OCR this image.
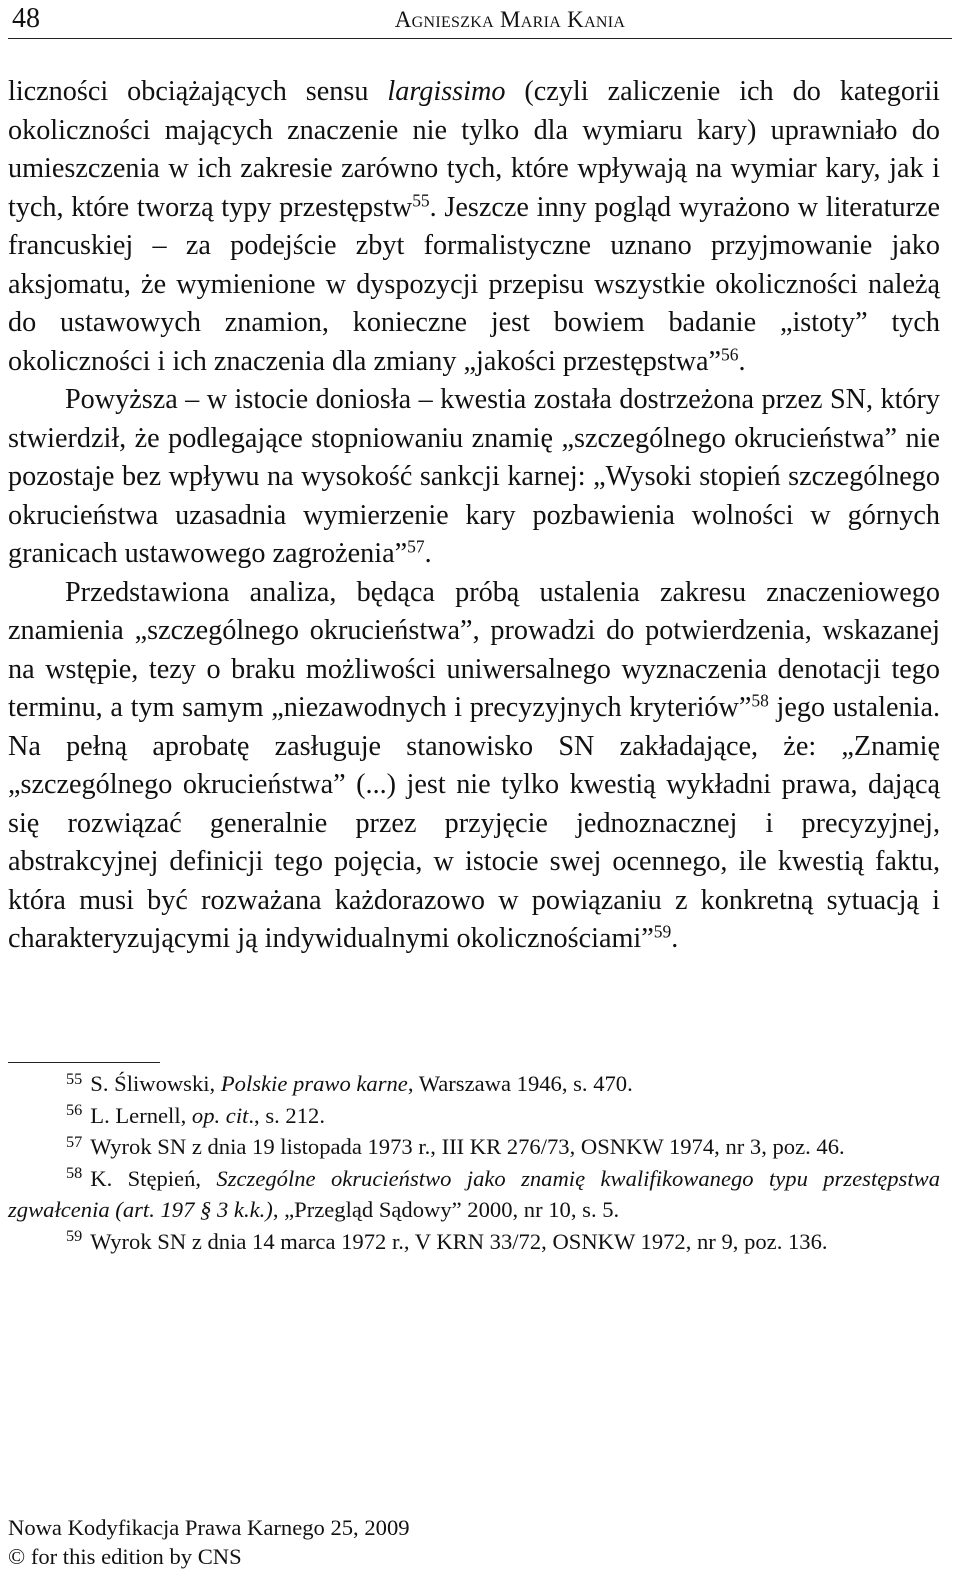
48	Agnieszka Maria Kania

liczności obciążających sensu largissimo (czyli zaliczenie ich do kategorii okoliczności mających znaczenie nie tylko dla wymiaru kary) uprawniało do umieszczenia w ich zakresie zarówno tych, które wpływają na wymiar kary, jak i tych, które tworzą typy przestępstw$^{55}$. Jeszcze inny pogląd wyrażono w literaturze francuskiej – za podejście zbyt formalistyczne uznano przyjmowanie jako aksjomatu, że wymienione w dyspozycji przepisu wszystkie okoliczności należą do ustawowych znamion, konieczne jest bowiem badanie „istoty” tych okoliczności i ich znaczenia dla zmiany „jakości przestępstwa”$^{56}$.

Powyższa – w istocie doniosła – kwestia została dostrzeżona przez SN, który stwierdził, że podlegające stopniowaniu znamię „szczególnego okrucieństwa” nie pozostaje bez wpływu na wysokość sankcji karnej: „Wysoki stopień szczególnego okrucieństwa uzasadnia wymierzenie kary pozbawienia wolności w górnych granicach ustawowego zagrożenia”$^{57}$.

Przedstawiona analiza, będąca próbą ustalenia zakresu znaczeniowego znamienia „szczególnego okrucieństwa”, prowadzi do potwierdzenia, wskazanej na wstępie, tezy o braku możliwości uniwersalnego wyznaczenia denotacji tego terminu, a tym samym „niezawodnych i precyzyjnych kryteriów”$^{58}$ jego ustalenia. Na pełną aprobatę zasługuje stanowisko SN zakładające, że: „Znamię „szczególnego okrucieństwa” (...) jest nie tylko kwestią wykładni prawa, dającą się rozwiązać generalnie przez przyjęcie jednoznacznej i precyzyjnej, abstrakcyjnej definicji tego pojęcia, w istocie swej ocennego, ile kwestią faktu, która musi być rozważana każdorazowo w powiązaniu z konkretną sytuacją i charakteryzującymi ją indywidualnymi okolicznościami”$^{59}$.

$^{55}$ S. Śliwowski, Polskie prawo karne, Warszawa 1946, s. 470.

$^{56}$ L. Lernell, op. cit., s. 212.

$^{57}$ Wyrok SN z dnia 19 listopada 1973 r., III KR 276/73, OSNKW 1974, nr 3, poz. 46.

$^{58}$ K. Stępień, Szczególne okrucieństwo jako znamię kwalifikowanego typu przestępstwa zgwałcenia (art. 197 § 3 k.k.), „Przegląd Sądowy” 2000, nr 10, s. 5.

$^{59}$ Wyrok SN z dnia 14 marca 1972 r., V KRN 33/72, OSNKW 1972, nr 9, poz. 136.

Nowa Kodyfikacja Prawa Karnego 25, 2009
© for this edition by CNS
